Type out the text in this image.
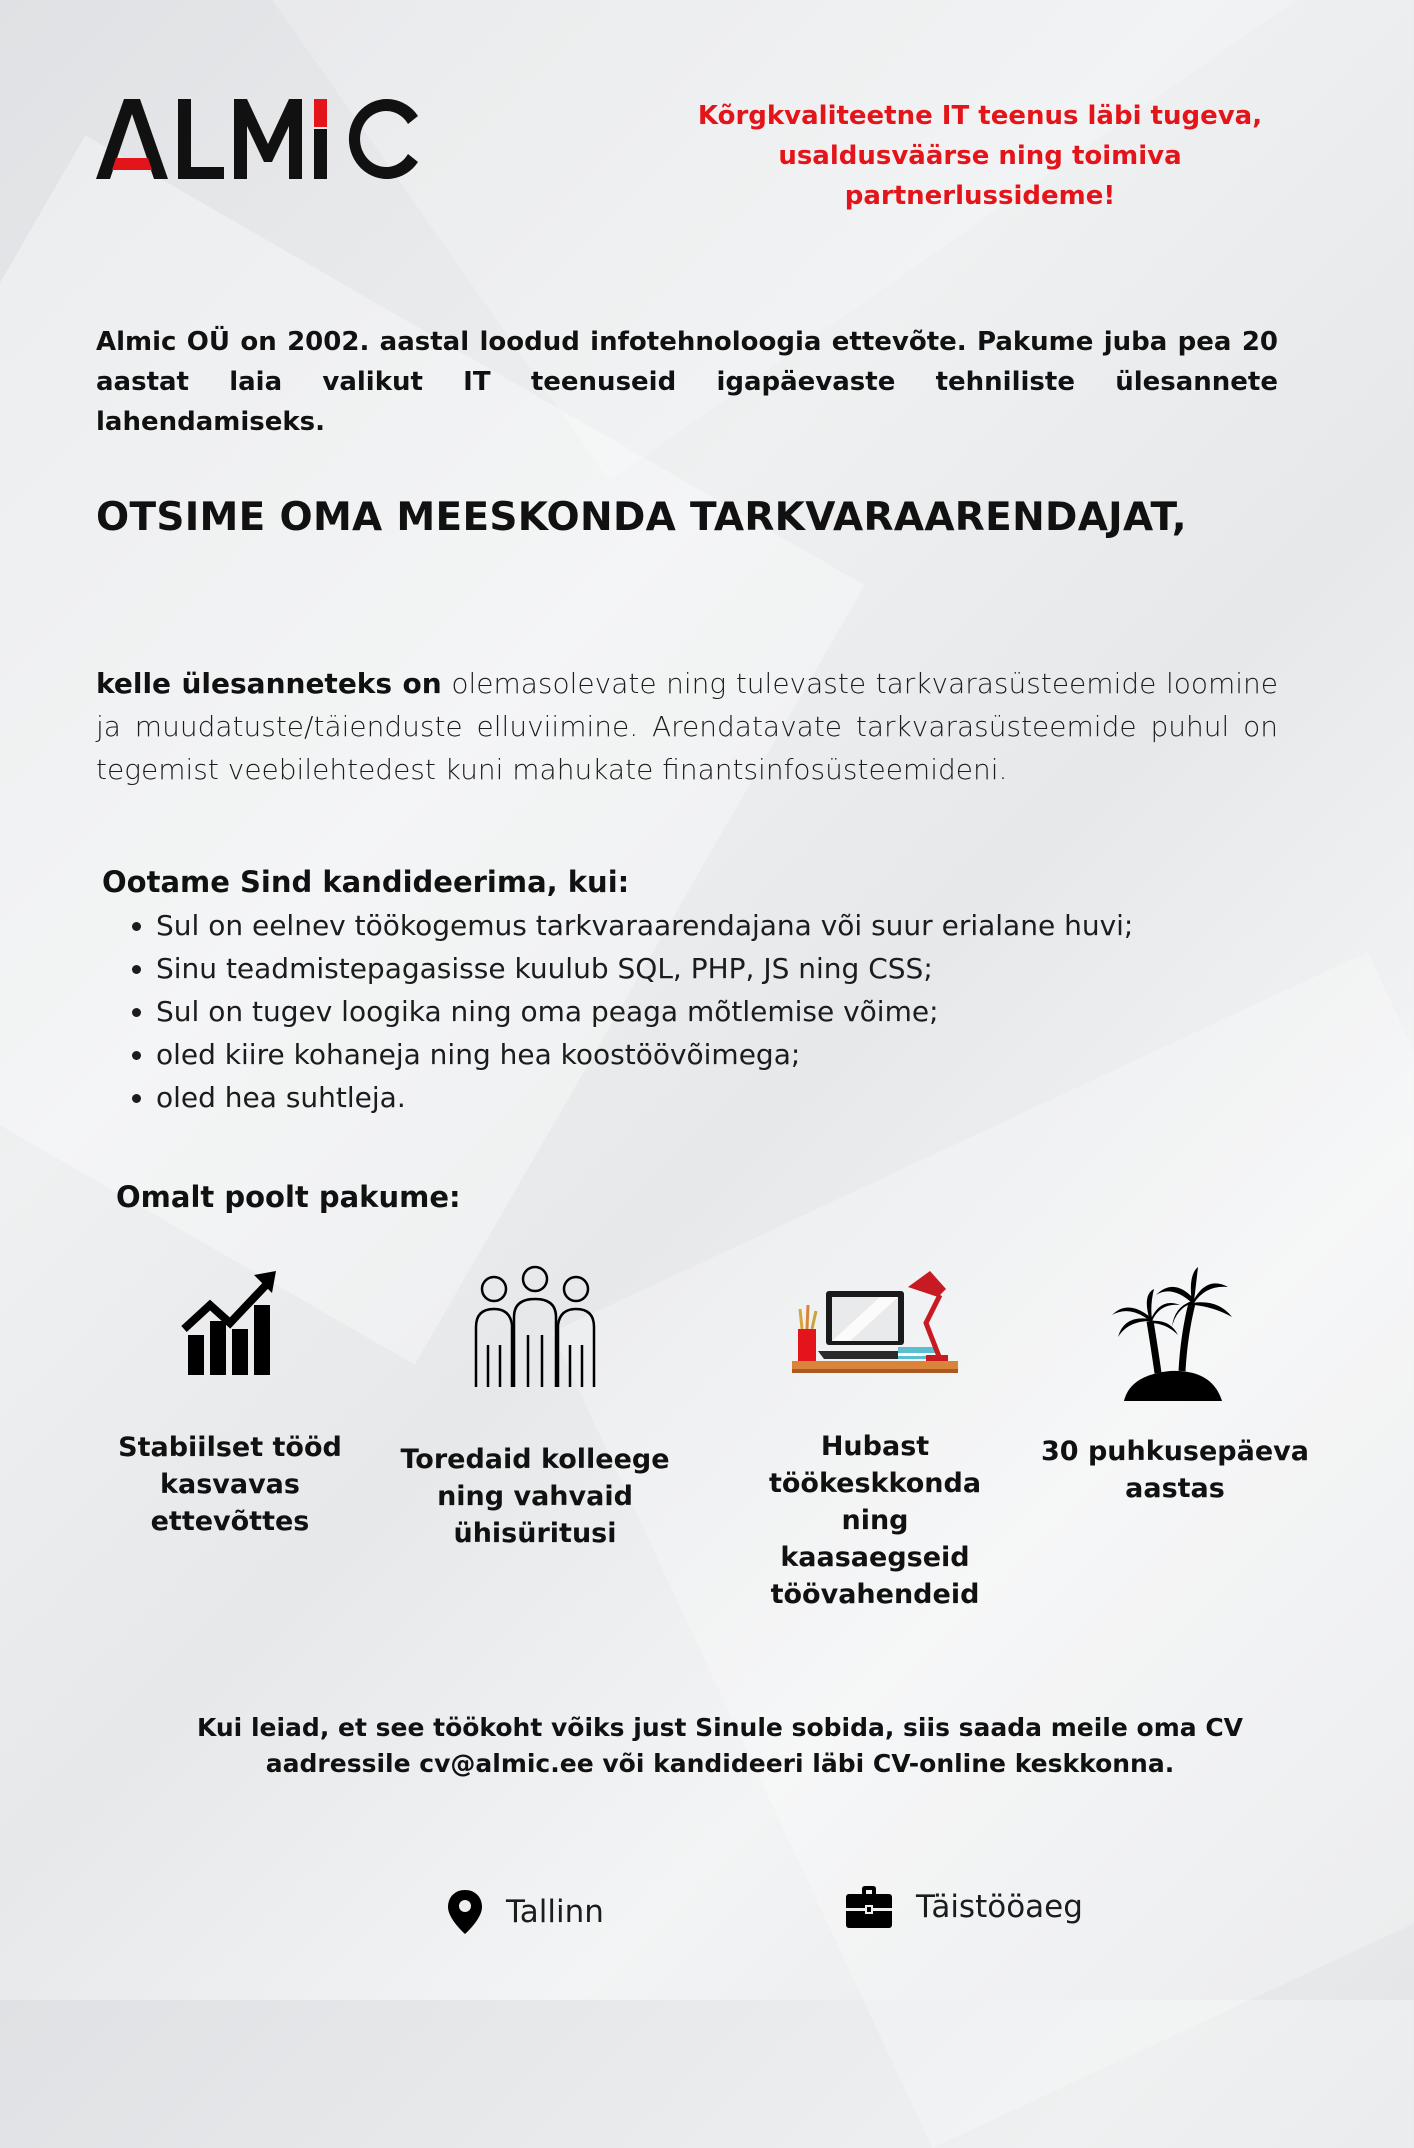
Kõrgkvaliteetne IT teenus läbi tugeva, usaldusväärse ning toimiva partnerlussideme!
Almic OÜ on 2002. aastal loodud infotehnoloogia ettevõte. Pakume juba pea 20 aastat laia valikut IT teenuseid igapäevaste tehniliste ülesannete lahendamiseks.
OTSIME OMA MEESKONDA TARKVARAARENDAJAT,
kelle ülesanneteks on olemasolevate ning tulevaste tarkvarasüsteemide loomine ja muudatuste/täienduste elluviimine. Arendatavate tarkvarasüsteemide puhul on tegemist veebilehtedest kuni mahukate finantsinfosüsteemideni.
Ootame Sind kandideerima, kui:
• Sul on eelnev töökogemus tarkvaraarendajana või suur erialane huvi;
• Sinu teadmistepagasisse kuulub SQL, PHP, JS ning CSS;
• Sul on tugev loogika ning oma peaga mõtlemise võime;
• oled kiire kohaneja ning hea koostöövõimega;
• oled hea suhtleja.
Omalt poolt pakume:
Stabiilset tööd kasvavas ettevõttes
Toredaid kolleege ning vahvaid ühisüritusi
Hubast töökeskkonda ning kaasaegseid töövahendeid
30 puhkusepäeva aastas
Kui leiad, et see töökoht võiks just Sinule sobida, siis saada meile oma CV aadressile cv@almic.ee või kandideeri läbi CV-online keskkonna.
Tallinn	Täistööaeg
